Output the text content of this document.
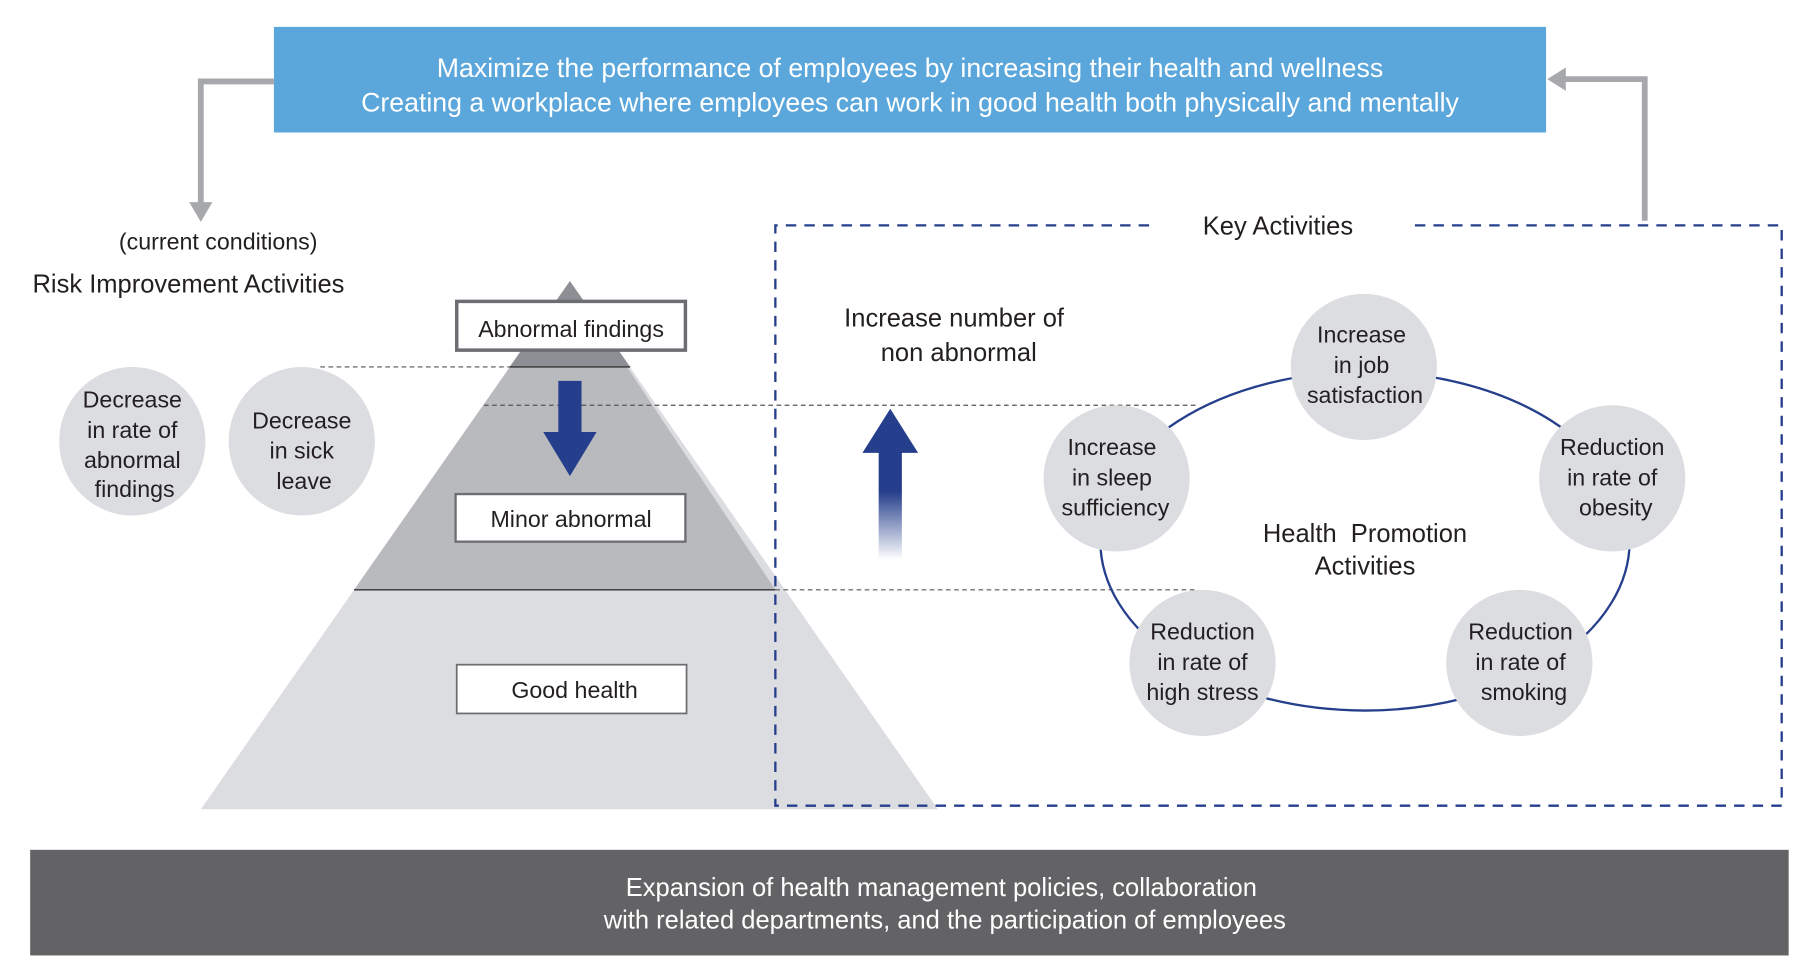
Maximize the performance of employees by increasing their health and wellness
Creating a workplace where employees can work in good health both physically and mentally
(current conditions)
Risk Improvement Activities
Decrease
in rate of
abnormal
findings
Decrease
in sick
leave
Abnormal findings
Minor abnormal
Good health
Key Activities
Increase number of
non abnormal
Health  Promotion
Activities
Increase
in job
satisfaction
Increase
in sleep
sufficiency
Reduction
in rate of
obesity
Reduction
in rate of
high stress
Reduction
in rate of
smoking
Expansion of health management policies, collaboration
with related departments, and the participation of employees
